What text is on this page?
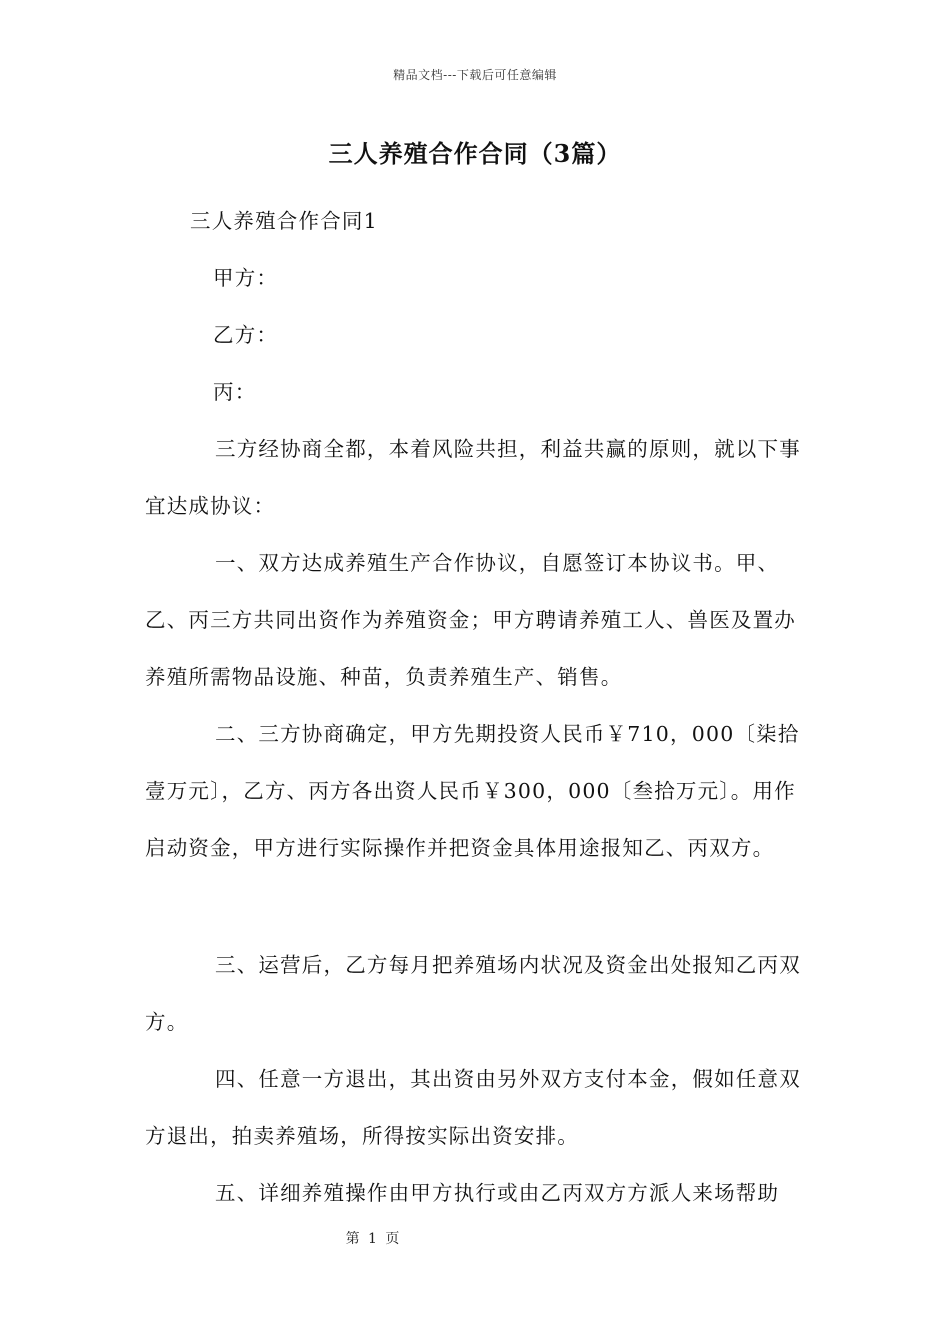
精品文档---下载后可任意编辑
三人养殖合作合同（3篇）

三人养殖合作合同1

甲方：

乙方：

丙：

三方经协商全都，本着风险共担，利益共赢的原则，就以下事宜达成协议：

一、双方达成养殖生产合作协议，自愿签订本协议书。甲、乙、丙三方共同出资作为养殖资金；甲方聘请养殖工人、兽医及置办养殖所需物品设施、种苗，负责养殖生产、销售。

二、三方协商确定，甲方先期投资人民币￥710，000〔柒拾壹万元〕，乙方、丙方各出资人民币￥300，000〔叁拾万元〕。用作启动资金，甲方进行实际操作并把资金具体用途报知乙、丙双方。

三、运营后，乙方每月把养殖场内状况及资金出处报知乙丙双方。

四、任意一方退出，其出资由另外双方支付本金，假如任意双方退出，拍卖养殖场，所得按实际出资安排。

五、详细养殖操作由甲方执行或由乙丙双方方派人来场帮助

第 1 页
